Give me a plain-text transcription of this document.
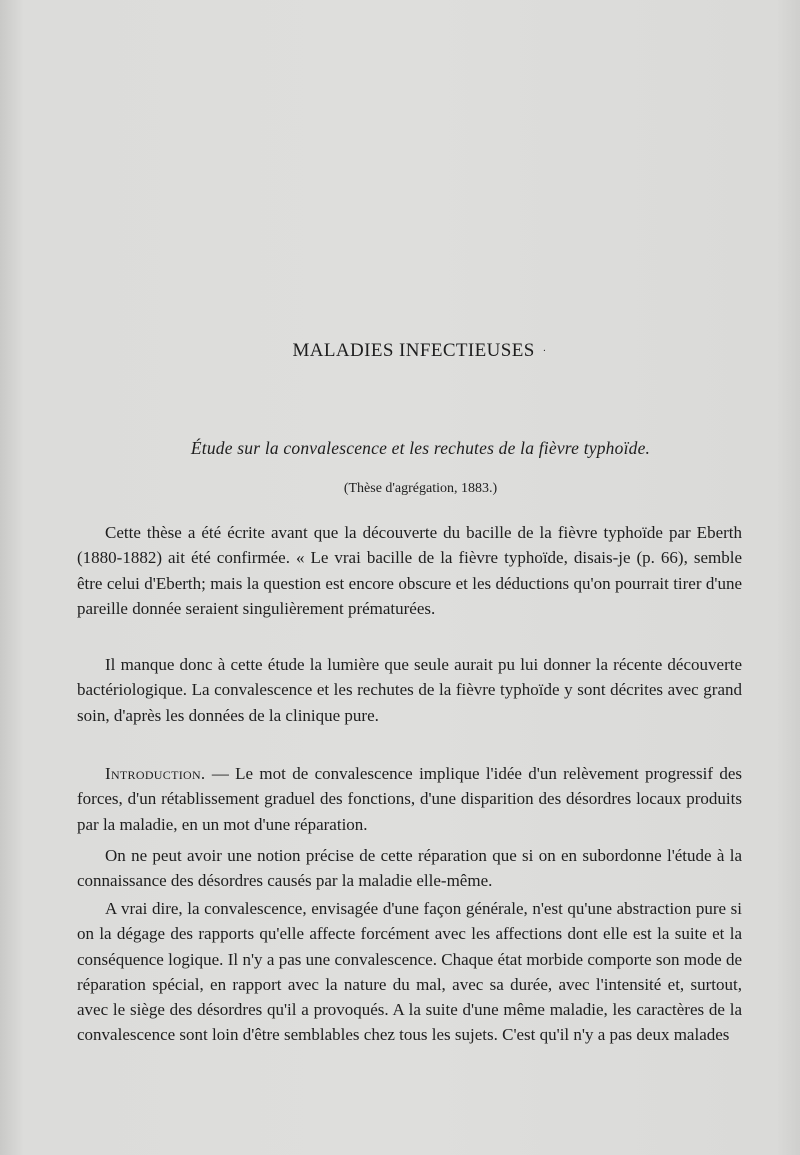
MALADIES INFECTIEUSES ·
Étude sur la convalescence et les rechutes de la fièvre typhoïde.

(Thèse d'agrégation, 1883.)

Cette thèse a été écrite avant que la découverte du bacille de la fièvre typhoïde par Eberth (1880-1882) ait été confirmée. « Le vrai bacille de la fièvre typhoïde, disais-je (p. 66), semble être celui d'Eberth; mais la question est encore obscure et les déductions qu'on pourrait tirer d'une pareille donnée seraient singulièrement prématurées.

Il manque donc à cette étude la lumière que seule aurait pu lui donner la récente découverte bactériologique. La convalescence et les rechutes de la fièvre typhoïde y sont décrites avec grand soin, d'après les données de la clinique pure.

Introduction. — Le mot de convalescence implique l'idée d'un relèvement progressif des forces, d'un rétablissement graduel des fonctions, d'une disparition des désordres locaux produits par la maladie, en un mot d'une réparation.

On ne peut avoir une notion précise de cette réparation que si on en subordonne l'étude à la connaissance des désordres causés par la maladie elle-même.

A vrai dire, la convalescence, envisagée d'une façon générale, n'est qu'une abstraction pure si on la dégage des rapports qu'elle affecte forcément avec les affections dont elle est la suite et la conséquence logique. Il n'y a pas une convalescence. Chaque état morbide comporte son mode de réparation spécial, en rapport avec la nature du mal, avec sa durée, avec l'intensité et, surtout, avec le siège des désordres qu'il a provoqués. A la suite d'une même maladie, les caractères de la convalescence sont loin d'être semblables chez tous les sujets. C'est qu'il n'y a pas deux malades
